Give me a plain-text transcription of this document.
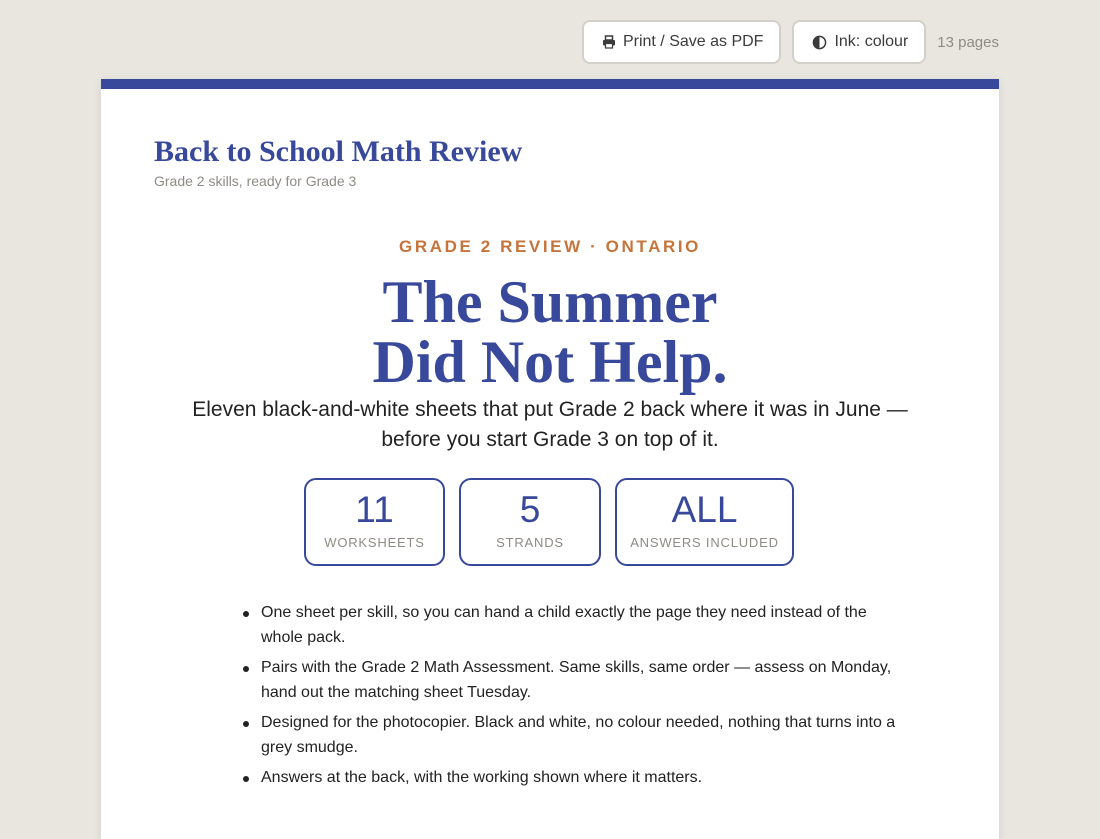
Print / Save as PDF	Ink: colour 13 pages
Back to School Math Review
Grade 2 skills, ready for Grade 3
GRADE 2 REVIEW · ONTARIO
The Summer
Did Not Help.
Eleven black-and-white sheets that put Grade 2 back where it was in June — before you start Grade 3 on top of it.
11
WORKSHEETS
5
STRANDS
ALL
ANSWERS INCLUDED
One sheet per skill, so you can hand a child exactly the page they need instead of the whole pack.
Pairs with the Grade 2 Math Assessment. Same skills, same order — assess on Monday, hand out the matching sheet Tuesday.
Designed for the photocopier. Black and white, no colour needed, nothing that turns into a grey smudge.
Answers at the back, with the working shown where it matters.
